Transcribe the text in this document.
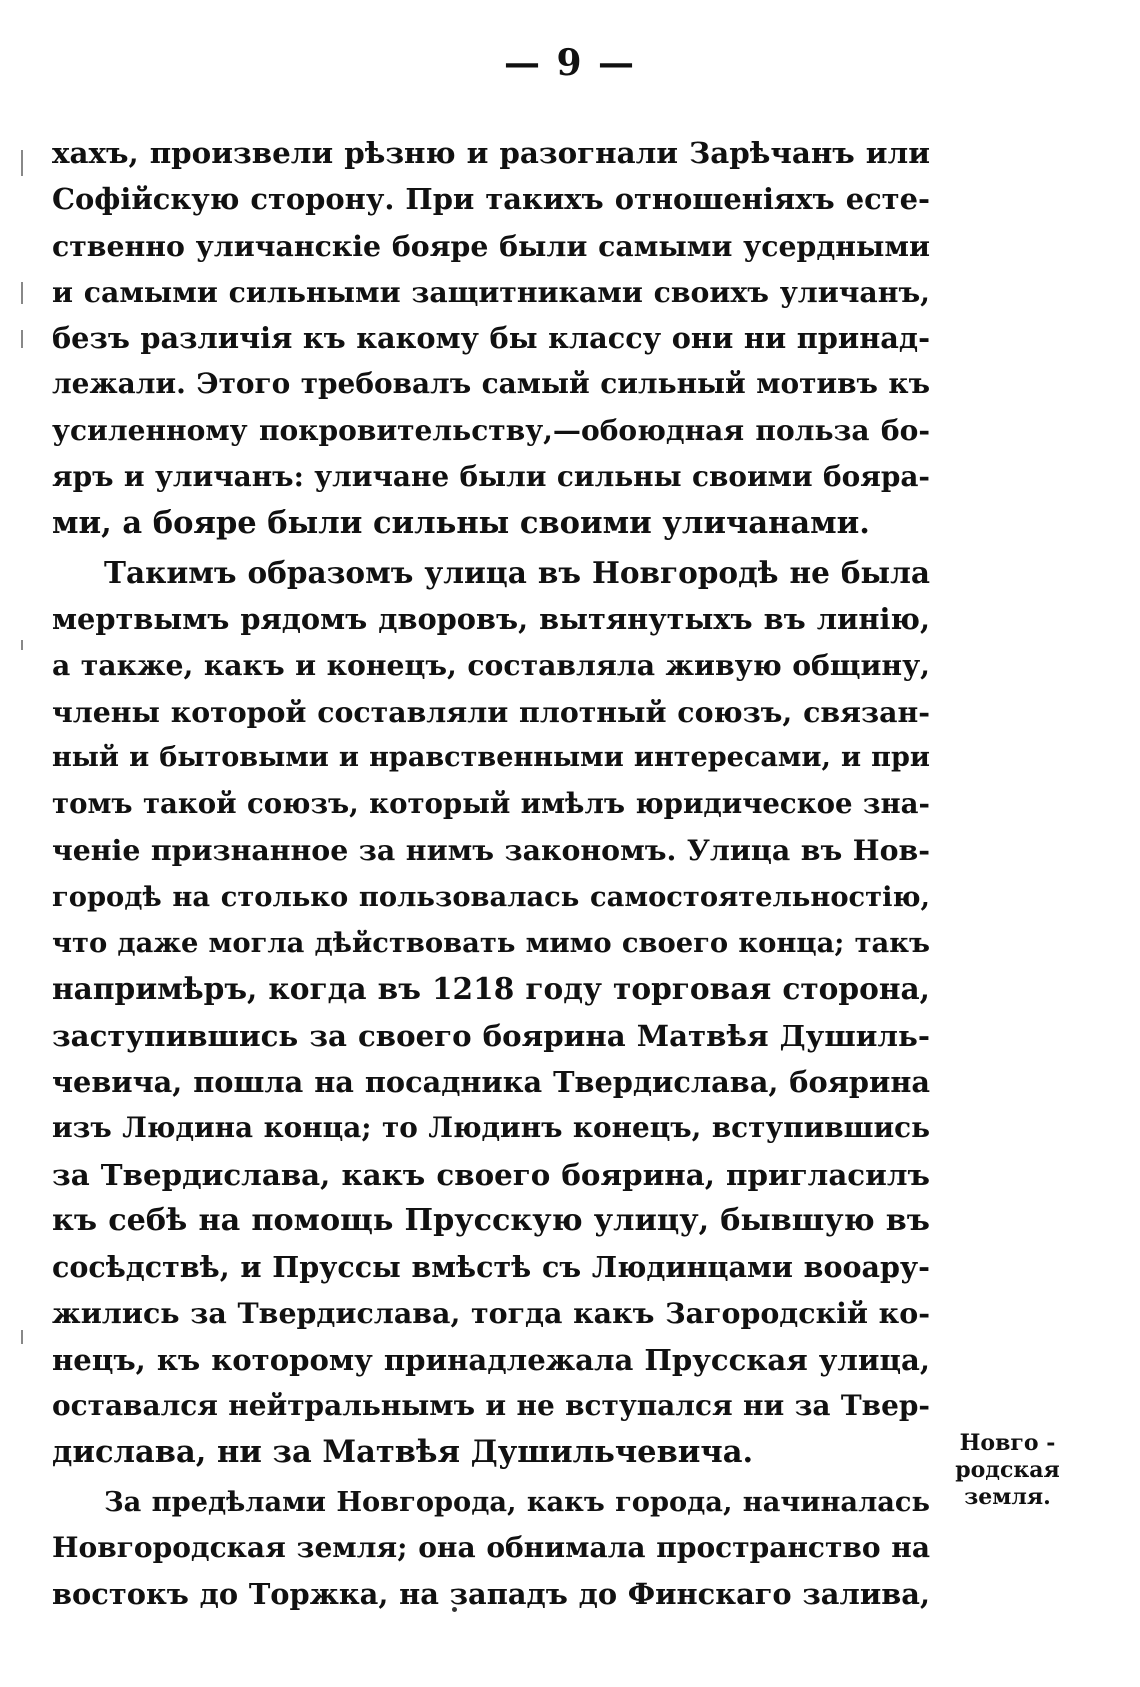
— 9 —
хахъ, произвели рѣзню и разогнали Зарѣчанъ или
Софійскую сторону. При такихъ отношеніяхъ есте-
ственно уличанскіе бояре были самыми усердными
и самыми сильными защитниками своихъ уличанъ,
безъ различія къ какому бы классу они ни принад-
лежали. Этого требовалъ самый сильный мотивъ къ
усиленному покровительству,—обоюдная польза бо-
яръ и уличанъ: уличане были сильны своими бояра-
ми, а бояре были сильны своими уличанами.
Такимъ образомъ улица въ Новгородѣ не была
мертвымъ рядомъ дворовъ, вытянутыхъ въ линію,
а также, какъ и конецъ, составляла живую общину,
члены которой составляли плотный союзъ, связан-
ный и бытовыми и нравственными интересами, и при
томъ такой союзъ, который имѣлъ юридическое зна-
ченіе признанное за нимъ закономъ. Улица въ Нов-
городѣ на столько пользовалась самостоятельностію,
что даже могла дѣйствовать мимо своего конца; такъ
напримѣръ, когда въ 1218 году торговая сторона,
заступившись за своего боярина Матвѣя Душиль-
чевича, пошла на посадника Твердислава, боярина
изъ Людина конца; то Людинъ конецъ, вступившись
за Твердислава, какъ своего боярина, пригласилъ
къ себѣ на помощь Прусскую улицу, бывшую въ
сосѣдствѣ, и Пруссы вмѣстѣ съ Людинцами вооару-
жились за Твердислава, тогда какъ Загородскій ко-
нецъ, къ которому принадлежала Прусская улица,
оставался нейтральнымъ и не вступался ни за Твер-
дислава, ни за Матвѣя Душильчевича.
За предѣлами Новгорода, какъ города, начиналась
Новгородская земля; она обнимала пространство на
востокъ до Торжка, на западъ до Финскаго залива,
Новго -
родская
земля.
